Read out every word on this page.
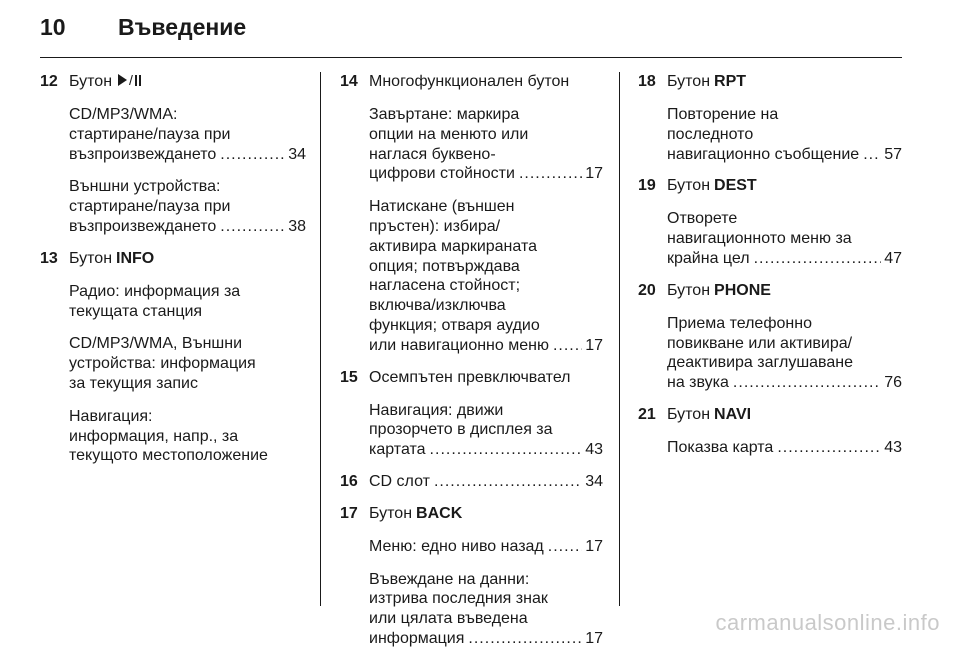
10	Въведение
12 Бутон /
CD/MP3/WMA:
стартиране/пауза при
възпроизвеждането .....	34
Външни устройства:
стартиране/пауза при
възпроизвеждането .....	38
13 Бутон INFO
Радио: информация за
текущата станция
CD/MP3/WMA, Външни
устройства: информация
за текущия запис
Навигация:
информация, напр., за
текущото местоположение
14 Многофункционален бутон
Завъртане: маркира
опции на менюто или
наглася буквено-
цифрови стойности .....	17
Натискане (външен
пръстен): избира/
активира маркираната
опция; потвърждава
нагласена стойност;
включва/изключва
функция; отваря аудио
или навигационно меню ..... 17
15 Осемпътен превключвател
Навигация: движи
прозорчето в дисплея за
картата .....	43
16 CD слот .....	34
17 Бутон BACK
Меню: едно ниво назад .....	17
Въвеждане на данни:
изтрива последния знак
или цялата въведена
информация .....	17
18 Бутон RPT
Повторение на
последното
навигационно съобщение ..... 57
19 Бутон DEST
Отворете
навигационното меню за
крайна цел .....	47
20 Бутон PHONE
Приема телефонно
повикване или активира/
деактивира заглушаване
на звука .....	76
21 Бутон NAVI
Показва карта .....	43
carmanualsonline.info
